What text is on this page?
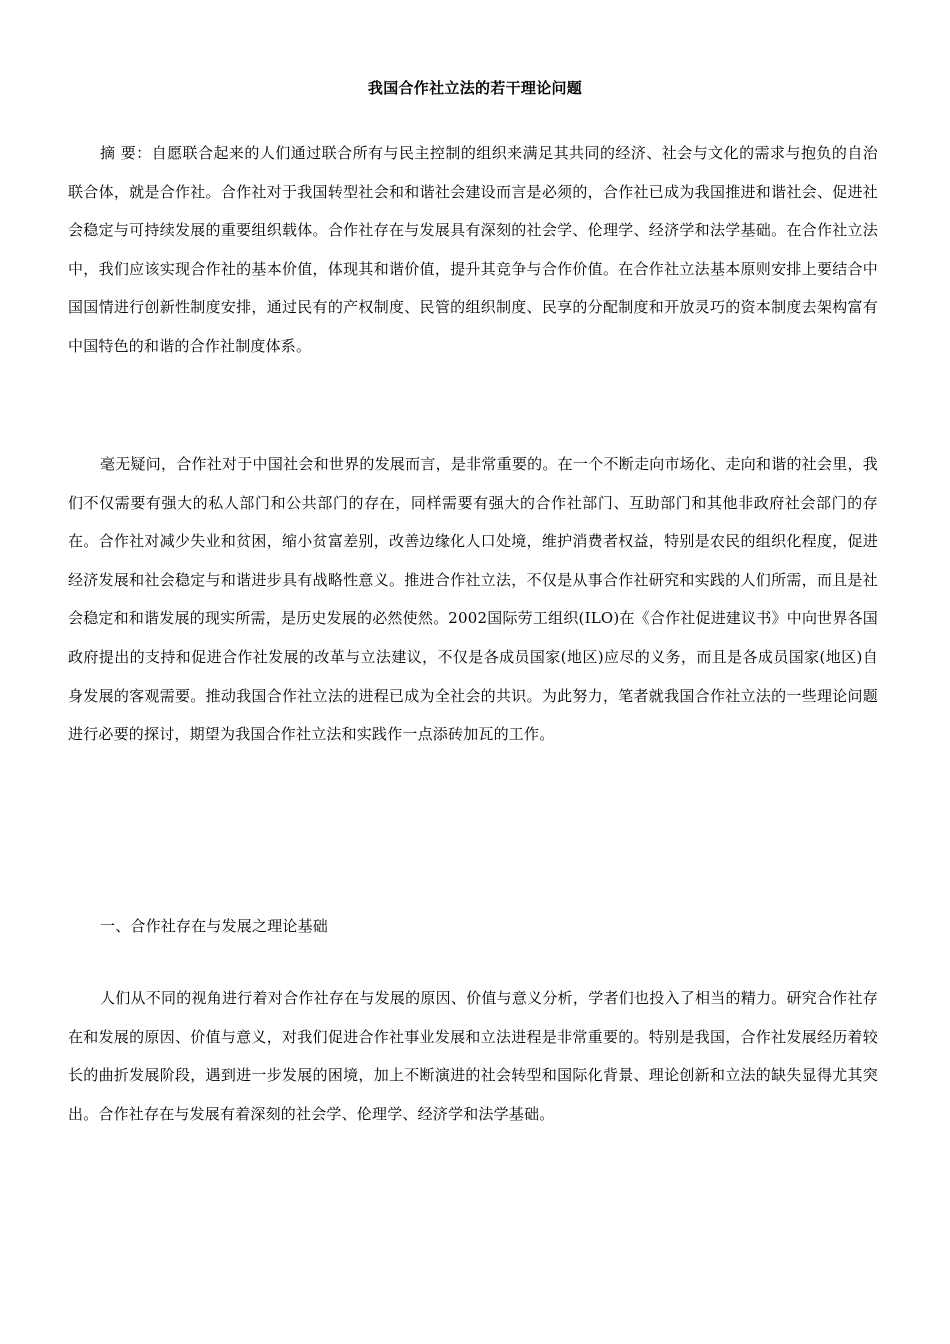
我国合作社立法的若干理论问题

摘 要：自愿联合起来的人们通过联合所有与民主控制的组织来满足其共同的经济、社会与文化的需求与抱负的自治联合体，就是合作社。合作社对于我国转型社会和和谐社会建设而言是必须的，合作社已成为我国推进和谐社会、促进社会稳定与可持续发展的重要组织载体。合作社存在与发展具有深刻的社会学、伦理学、经济学和法学基础。在合作社立法中，我们应该实现合作社的基本价值，体现其和谐价值，提升其竞争与合作价值。在合作社立法基本原则安排上要结合中国国情进行创新性制度安排，通过民有的产权制度、民管的组织制度、民享的分配制度和开放灵巧的资本制度去架构富有中国特色的和谐的合作社制度体系。

毫无疑问，合作社对于中国社会和世界的发展而言，是非常重要的。在一个不断走向市场化、走向和谐的社会里，我们不仅需要有强大的私人部门和公共部门的存在，同样需要有强大的合作社部门、互助部门和其他非政府社会部门的存在。合作社对减少失业和贫困，缩小贫富差别，改善边缘化人口处境，维护消费者权益，特别是农民的组织化程度，促进经济发展和社会稳定与和谐进步具有战略性意义。推进合作社立法，不仅是从事合作社研究和实践的人们所需，而且是社会稳定和和谐发展的现实所需，是历史发展的必然使然。2002国际劳工组织(ILO)在《合作社促进建议书》中向世界各国政府提出的支持和促进合作社发展的改革与立法建议，不仅是各成员国家(地区)应尽的义务，而且是各成员国家(地区)自身发展的客观需要。推动我国合作社立法的进程已成为全社会的共识。为此努力，笔者就我国合作社立法的一些理论问题进行必要的探讨，期望为我国合作社立法和实践作一点添砖加瓦的工作。

一、合作社存在与发展之理论基础

人们从不同的视角进行着对合作社存在与发展的原因、价值与意义分析，学者们也投入了相当的精力。研究合作社存在和发展的原因、价值与意义，对我们促进合作社事业发展和立法进程是非常重要的。特别是我国，合作社发展经历着较长的曲折发展阶段，遇到进一步发展的困境，加上不断演进的社会转型和国际化背景、理论创新和立法的缺失显得尤其突出。合作社存在与发展有着深刻的社会学、伦理学、经济学和法学基础。
